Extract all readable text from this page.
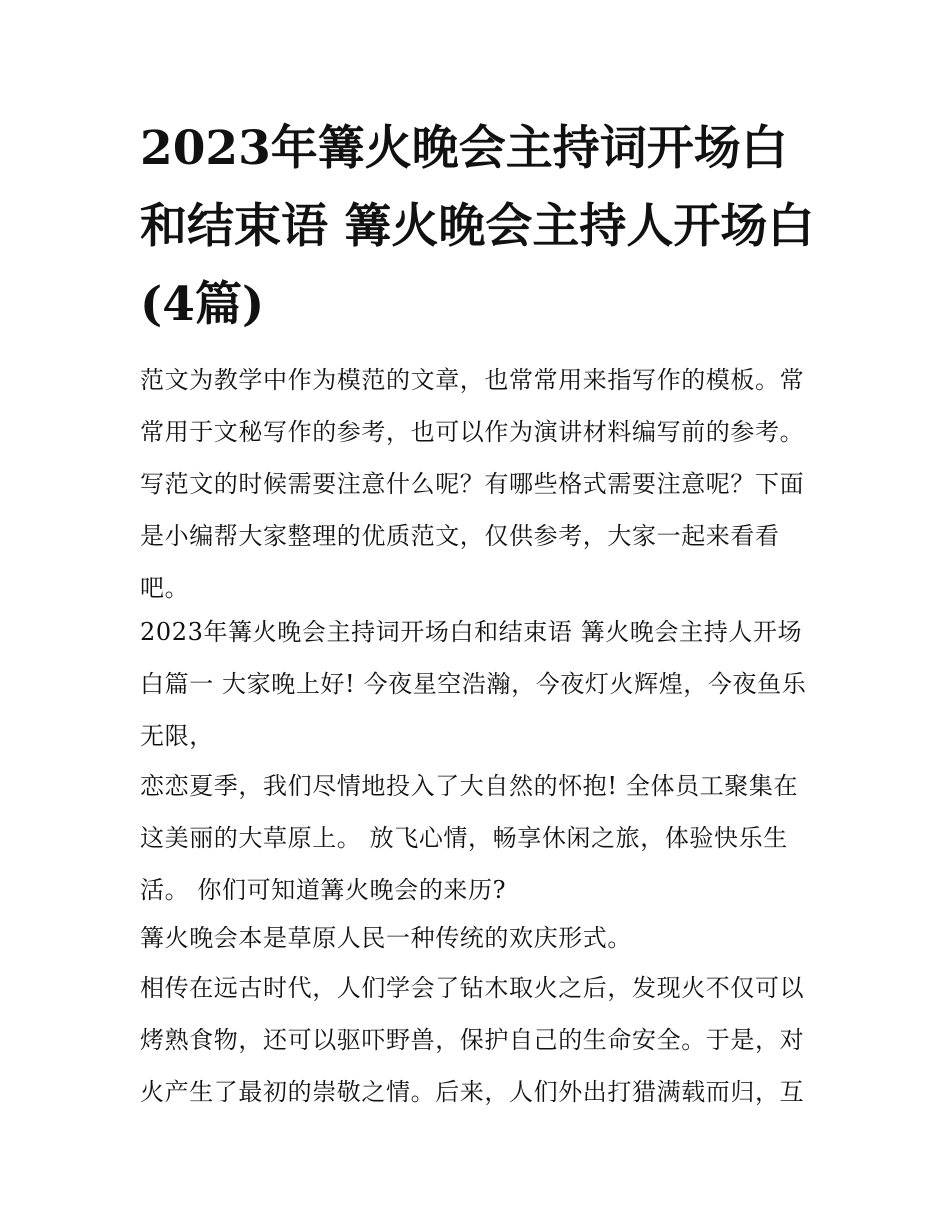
2023年篝火晚会主持词开场白和结束语 篝火晚会主持人开场白(4篇)

范文为教学中作为模范的文章，也常常用来指写作的模板。常常用于文秘写作的参考，也可以作为演讲材料编写前的参考。写范文的时候需要注意什么呢？有哪些格式需要注意呢？下面是小编帮大家整理的优质范文，仅供参考，大家一起来看看吧。

2023年篝火晚会主持词开场白和结束语 篝火晚会主持人开场白篇一 大家晚上好! 今夜星空浩瀚，今夜灯火辉煌，今夜鱼乐无限，

恋恋夏季，我们尽情地投入了大自然的怀抱! 全体员工聚集在这美丽的大草原上。 放飞心情，畅享休闲之旅，体验快乐生活。 你们可知道篝火晚会的来历?

篝火晚会本是草原人民一种传统的欢庆形式。

相传在远古时代，人们学会了钻木取火之后，发现火不仅可以烤熟食物，还可以驱吓野兽，保护自己的生命安全。于是，对火产生了最初的崇敬之情。后来，人们外出打猎满载而归，互
